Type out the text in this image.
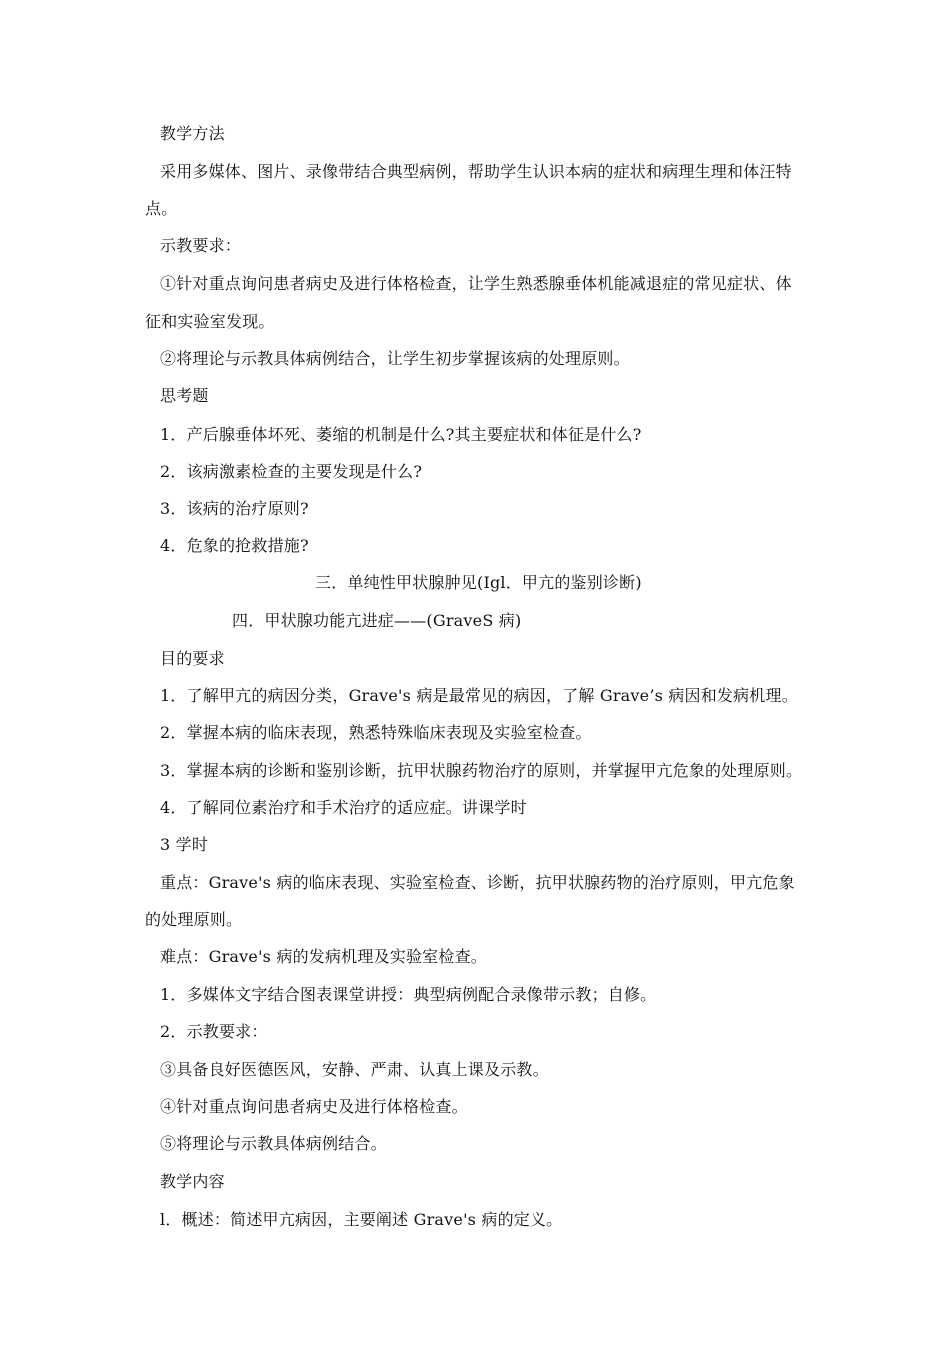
教学方法
采用多媒体、图片、录像带结合典型病例，帮助学生认识本病的症状和病理生理和体汪特
点。
示教要求：
①针对重点询问患者病史及进行体格检查，让学生熟悉腺垂体机能减退症的常见症状、体
征和实验室发现。
②将理论与示教具体病例结合，让学生初步掌握该病的处理原则。
思考题
1．产后腺垂体坏死、萎缩的机制是什么?其主要症状和体征是什么?
2．该病激素检查的主要发现是什么?
3．该病的治疗原则?
4．危象的抢救措施?
三．单纯性甲状腺肿见(Igl．甲亢的鉴别诊断)
四．甲状腺功能亢进症——(GraveS 病)
目的要求
1．了解甲亢的病因分类，Grave's 病是最常见的病因，了解 Grave’s 病因和发病机理。
2．掌握本病的临床表现，熟悉特殊临床表现及实验室检查。
3．掌握本病的诊断和鉴别诊断，抗甲状腺药物治疗的原则，并掌握甲亢危象的处理原则。
4．了解同位素治疗和手术治疗的适应症。讲课学时
3 学时
重点：Grave's 病的临床表现、实验室检查、诊断，抗甲状腺药物的治疗原则，甲亢危象
的处理原则。
难点：Grave's 病的发病机理及实验室检查。
1．多媒体文字结合图表课堂讲授：典型病例配合录像带示教；自修。
2．示教要求：
③具备良好医德医风，安静、严肃、认真上课及示教。
④针对重点询问患者病史及进行体格检查。
⑤将理论与示教具体病例结合。
教学内容
l．概述：简述甲亢病因，主要阐述 Grave's 病的定义。
